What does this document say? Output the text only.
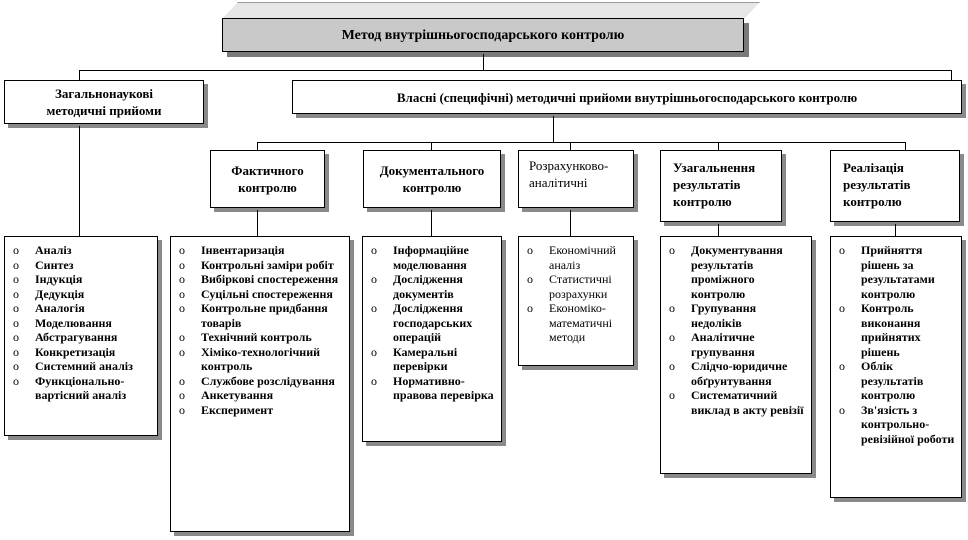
Метод внутрішньогосподарського контролю
Загальнонаукові методичні прийоми
Власні (специфічні) методичні прийоми внутрішньогосподарського контролю
Фактичного контролю
Документального контролю
Розрахунково-аналітичні
Узагальнення результатів контролю
Реалізація результатів контролю
o Аналіз
o Синтез
o Індукція
o Дедукція
o Аналогія
o Моделювання
o Абстрагування
o Конкретизація
o Системний аналіз
o Функціонально-вартісний аналіз
o Інвентаризація
o Контрольні заміри робіт
o Вибіркові спостереження
o Суцільні спостереження
o Контрольне придбання товарів
o Технічний контроль
o Хіміко-технологічний контроль
o Службове розслідування
o Анкетування
o Експеримент
o Інформаційне моделювання
o Дослідження документів
o Дослідження господарських операцій
o Камеральні перевірки
o Нормативно-правова перевірка
o Економічний аналіз
o Статистичні розрахунки
o Економіко-математичні методи
o Документування результатів проміжного контролю
o Групування недоліків
o Аналітичне групування
o Слідчо-юридичне обґрунтування
o Систематичний виклад в акту ревізії
o Прийняття рішень за результатами контролю
o Контроль виконання прийнятих рішень
o Облік результатів контролю
o Зв'язість з контрольно-ревізійної роботи
